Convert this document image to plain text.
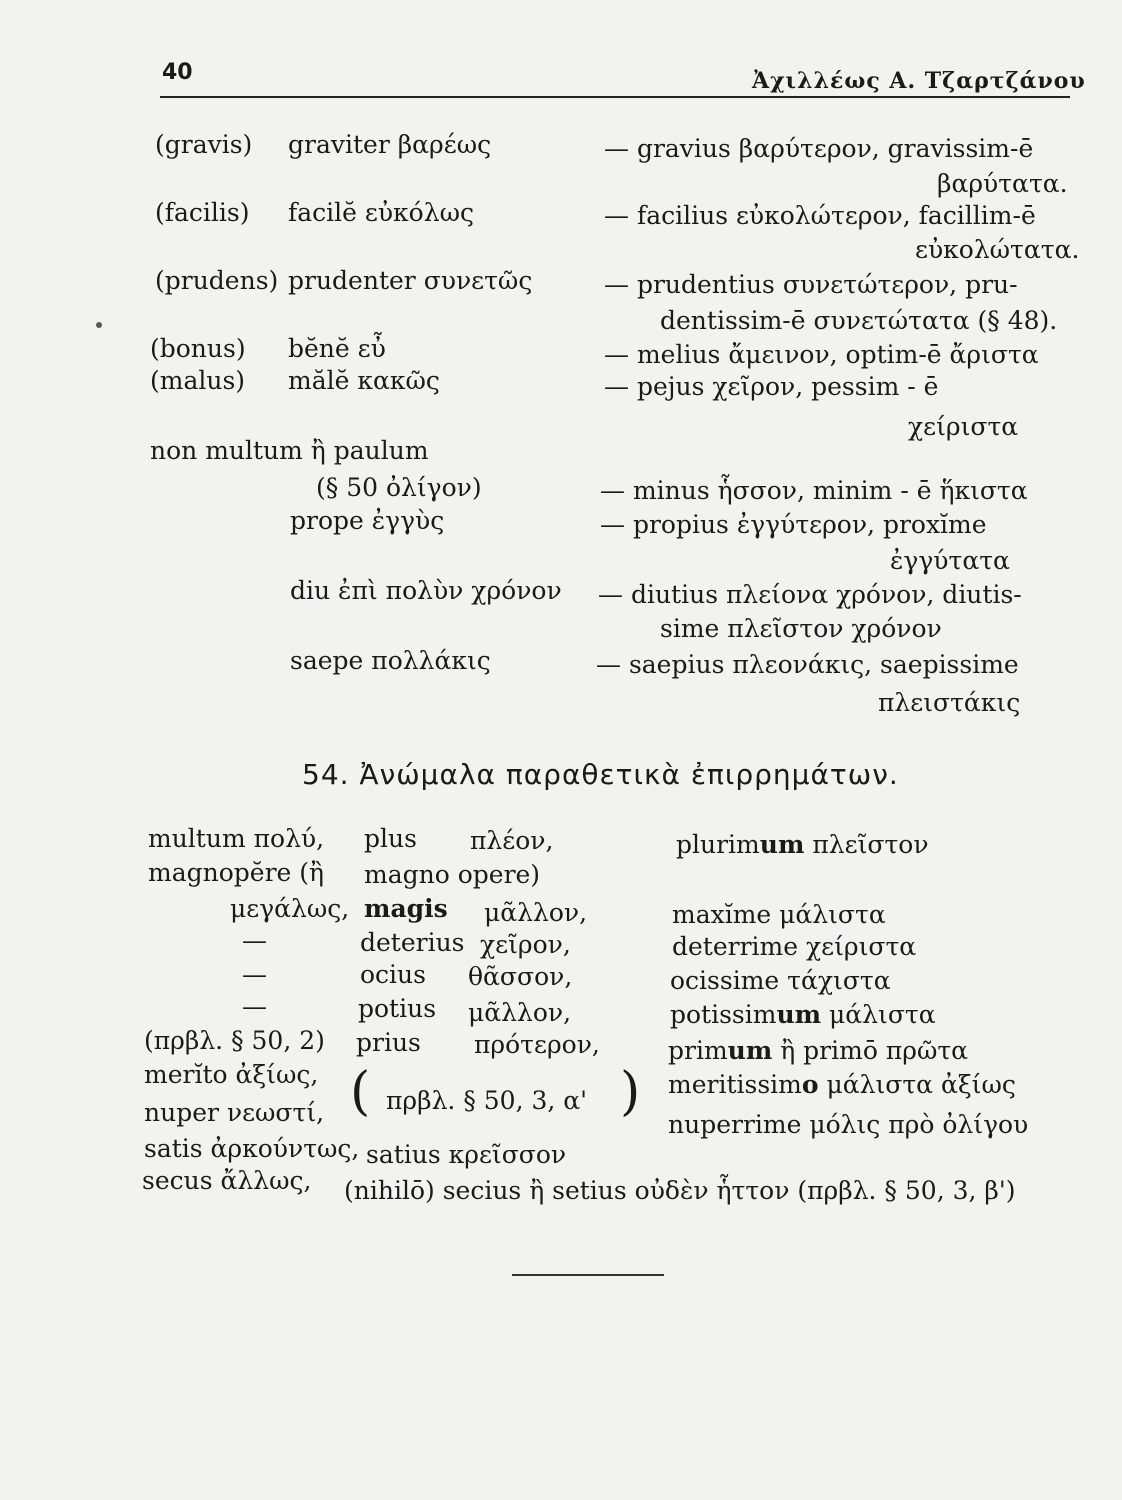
40	Ἀχιλλέως Α. Τζαρτζάνου
(gravis) graviter βαρέως	— gravius βαρύτερον, gravissim-ē
βαρύτατα.
(facilis) facilĕ εὐκόλως	— facilius εὐκολώτερον, facillim-ē
εὐκολώτατα.
(prudens) prudenter συνετῶς	— prudentius συνετώτερον, pru-
dentissim-ē συνετώτατα (§ 48).
(bonus) bĕnĕ εὖ	— melius ἄμεινον, optim-ē ἄριστα
(malus) mălĕ κακῶς	— pejus χεῖρον, pessim - ē
χείριστα
non multum ἢ paulum
(§ 50 ὀλίγον)	— minus ἧσσον, minim - ē ἥκιστα
prope ἐγγὺς	— propius ἐγγύτερον, proxĭme
ἐγγύτατα
diu ἐπὶ πολὺν χρόνον — diutius πλείονα χρόνον, diutis-
sime πλεῖστον χρόνον
saepe πολλάκις	— saepius πλεονάκις, saepissime
πλειστάκις
54. Ἀνώμαλα παραθετικὰ ἐπιρρημάτων.
multum πολύ, plus πλέον,	plurimum πλεῖστον
magnopĕre (ἢ magno opere)
μεγάλως, magis μᾶλλον,	maxĭme μάλιστα
—	deterius χεῖρον,	deterrime χείριστα
—	ocius θᾶσσον,	ocissime τάχιστα
—	potius μᾶλλον,	potissimum μάλιστα
(πρβλ. § 50, 2) prius πρότερον,	primum ἢ primō πρῶτα
merĭto ἀξίως,	meritissimo μάλιστα ἀξίως
( πρβλ. § 50, 3, α' )
nuper νεωστί,	nuperrime μόλις πρὸ ὀλίγου
satis ἀρκούντως, satius κρεῖσσον
secus ἄλλως, (nihilō) secius ἢ setius οὐδὲν ἧττον (πρβλ. § 50, 3, β')
